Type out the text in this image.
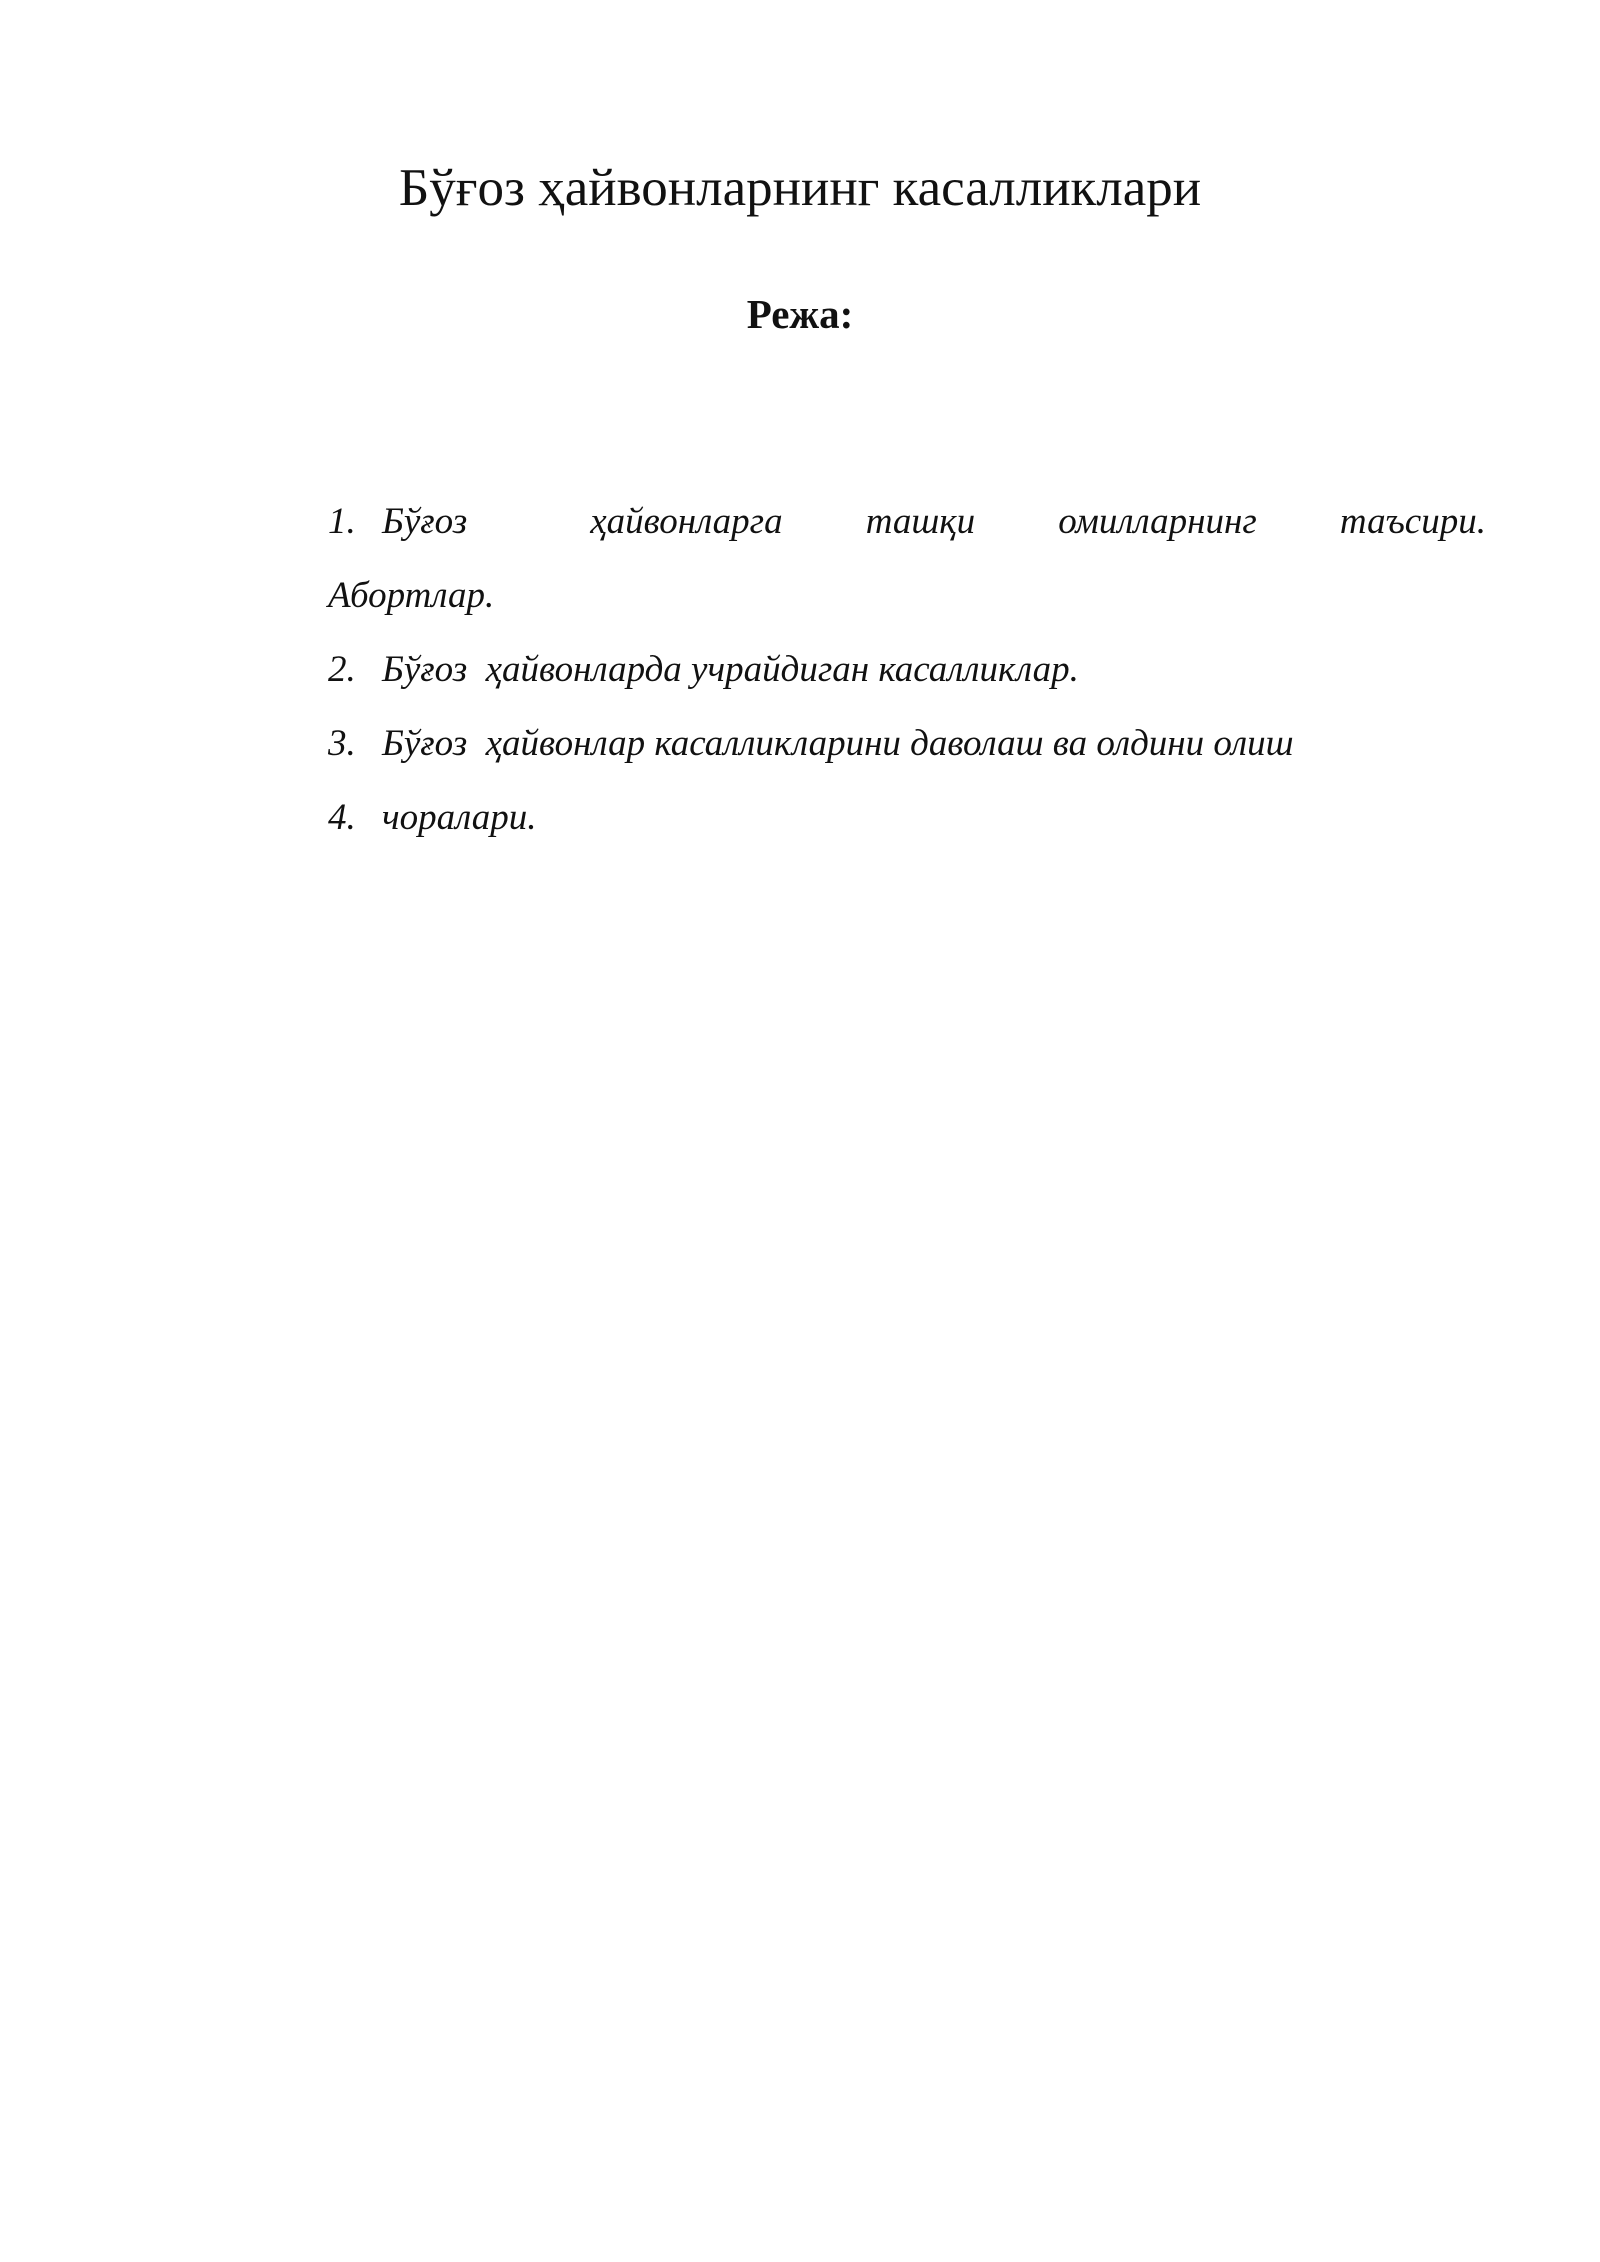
Бўғоз ҳайвонларнинг касалликлари
Режа:
1. Бўғоз	ҳайвонларга ташқи омилларнинг таъсири.
Абортлар.
2. Бўғоз  ҳайвонларда учрайдиган касалликлар.
3. Бўғоз  ҳайвонлар касалликларини даволаш ва олдини олиш
4. чоралари.
